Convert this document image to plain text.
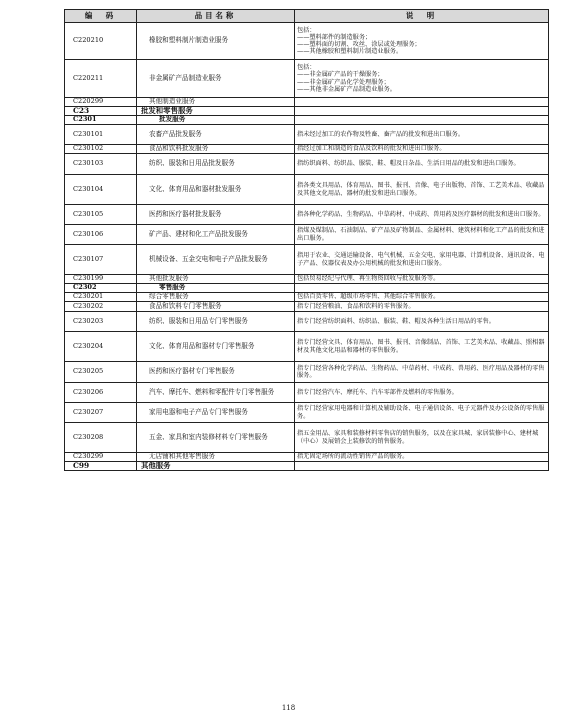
编　码	品目名称	说　明
C220210	橡胶和塑料制片制造业服务	包括：
——塑料部件的制造服务；
——塑料面的切割、攻丝、涂层或处理服务；
——其他橡胶和塑料制片制造业服务。

C220211	非金属矿产品制造业服务	包括：
——非金属矿产品的干燥服务；
——非金属矿产品化学处理服务；
——其他非金属矿产品制造业服务。

C220299	其他制造业服务	
C23	批发和零售服务	
C2301	批发服务	
C230101	农畜产品批发服务	指未经过加工的农作物及牲畜、畜产品的批发和进出口服务。

C230102	食品和饮料批发服务	指经过加工和制造的食品及饮料的批发和进出口服务。

C230103	纺织、服装和日用品批发服务	指纺织面料、纺织品、服装、鞋、帽及日杂品、生活日用品的批发和进出口服务。

C230104	文化、体育用品和器材批发服务	指各类文具用品、体育用品、图书、报刊、音像、电子出版物、首饰、工艺美术品、收藏品及其他文化用品、器材的批发和进出口服务。

C230105	医药和医疗器材批发服务	指各种化学药品、生物药品、中草药材、中成药、兽用药及医疗器材的批发和进出口服务。

C230106	矿产品、建材和化工产品批发服务	指煤及煤制品、石油制品、矿产品及矿物制品、金属材料、建筑材料和化工产品的批发和进出口服务。

C230107	机械设备、五金交电和电子产品批发服务	指用于农业、交通运输设备、电气机械、五金交电、家用电器、计算机设备、通讯设备、电子产品、仪器仪表及办公用机械的批发和进出口服务。

C230199	其他批发服务	包括贸易经纪与代理、再生物资回收与批发服务等。

C2302	零售服务	
C230201	综合零售服务	包括百货零售、超级市场零售、其他综合零售服务。

C230202	食品和饮料专门零售服务	指专门经营粮油、食品和饮料的零售服务。

C230203	纺织、服装和日用品专门零售服务	指专门经营纺织面料、纺织品、服装、鞋、帽及各种生活日用品的零售。

C230204	文化、体育用品和器材专门零售服务	指专门经营文具、体育用品、图书、报刊、音像制品、首饰、工艺美术品、收藏品、照相器材及其他文化用品和器材的零售服务。

C230205	医药和医疗器材专门零售服务	指专门经营各种化学药品、生物药品、中草药材、中成药、兽用药、医疗用品及器材的零售服务。

C230206	汽车、摩托车、燃料和零配件专门零售服务	指专门经营汽车、摩托车、汽车零部件及燃料的零售服务。

C230207	家用电器和电子产品专门零售服务	指专门经营家用电器和计算机及辅助设备、电子通信设备、电子元器件及办公设备的零售服务。

C230208	五金、家具和室内装修材料专门零售服务	指五金用品、家具和装修材料零售店的销售服务，以及在家具城、家居装修中心、建材城（中心）及展销会上装修饮的销售服务。

C230299	无店铺和其他零售服务	指无固定场所的流动性销售产品的服务。

C99	其他服务	
118
